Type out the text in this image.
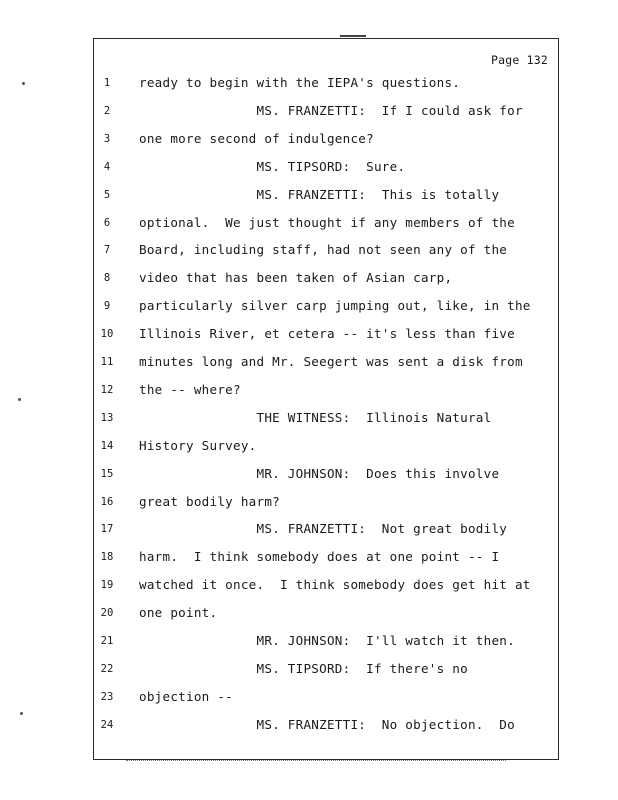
Page 132
1	ready to begin with the IEPA's questions.
2	MS. FRANZETTI:  If I could ask for
3	one more second of indulgence?
4	MS. TIPSORD:  Sure.
5	MS. FRANZETTI:  This is totally
6	optional.  We just thought if any members of the
7	Board, including staff, had not seen any of the
8	video that has been taken of Asian carp,
9	particularly silver carp jumping out, like, in the
10	Illinois River, et cetera -- it's less than five
11	minutes long and Mr. Seegert was sent a disk from
12	the -- where?
13	THE WITNESS:  Illinois Natural
14	History Survey.
15	MR. JOHNSON:  Does this involve
16	great bodily harm?
17	MS. FRANZETTI:  Not great bodily
18	harm.  I think somebody does at one point -- I
19	watched it once.  I think somebody does get hit at
20	one point.
21	MR. JOHNSON:  I'll watch it then.
22	MS. TIPSORD:  If there's no
23	objection --
24	MS. FRANZETTI:  No objection.  Do
